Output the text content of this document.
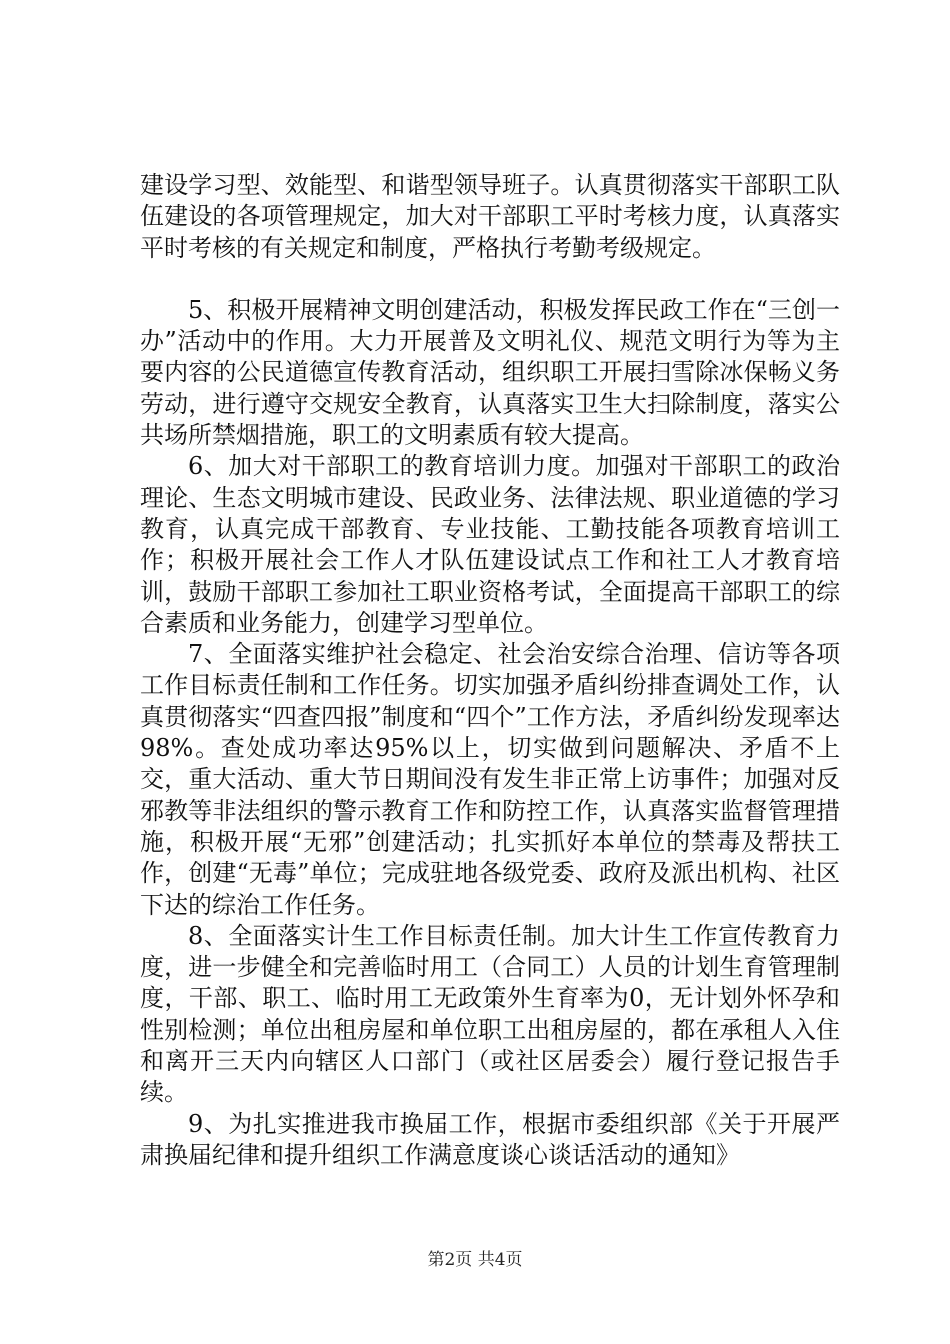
建设学习型、效能型、和谐型领导班子。认真贯彻落实干部职工队伍建设的各项管理规定，加大对干部职工平时考核力度，认真落实平时考核的有关规定和制度，严格执行考勤考级规定。

5、积极开展精神文明创建活动，积极发挥民政工作在“三创一办”活动中的作用。大力开展普及文明礼仪、规范文明行为等为主要内容的公民道德宣传教育活动，组织职工开展扫雪除冰保畅义务劳动，进行遵守交规安全教育，认真落实卫生大扫除制度，落实公共场所禁烟措施，职工的文明素质有较大提高。

6、加大对干部职工的教育培训力度。加强对干部职工的政治理论、生态文明城市建设、民政业务、法律法规、职业道德的学习教育，认真完成干部教育、专业技能、工勤技能各项教育培训工作；积极开展社会工作人才队伍建设试点工作和社工人才教育培训，鼓励干部职工参加社工职业资格考试，全面提高干部职工的综合素质和业务能力，创建学习型单位。

7、全面落实维护社会稳定、社会治安综合治理、信访等各项工作目标责任制和工作任务。切实加强矛盾纠纷排查调处工作，认真贯彻落实“四查四报”制度和“四个”工作方法，矛盾纠纷发现率达98%。查处成功率达95%以上，切实做到问题解决、矛盾不上交，重大活动、重大节日期间没有发生非正常上访事件；加强对反邪教等非法组织的警示教育工作和防控工作，认真落实监督管理措施，积极开展“无邪”创建活动；扎实抓好本单位的禁毒及帮扶工作，创建“无毒”单位；完成驻地各级党委、政府及派出机构、社区下达的综治工作任务。

8、全面落实计生工作目标责任制。加大计生工作宣传教育力度，进一步健全和完善临时用工（合同工）人员的计划生育管理制度，干部、职工、临时用工无政策外生育率为0，无计划外怀孕和性别检测；单位出租房屋和单位职工出租房屋的，都在承租人入住和离开三天内向辖区人口部门（或社区居委会）履行登记报告手续。

9、为扎实推进我市换届工作，根据市委组织部《关于开展严肃换届纪律和提升组织工作满意度谈心谈话活动的通知》

第2页 共4页
